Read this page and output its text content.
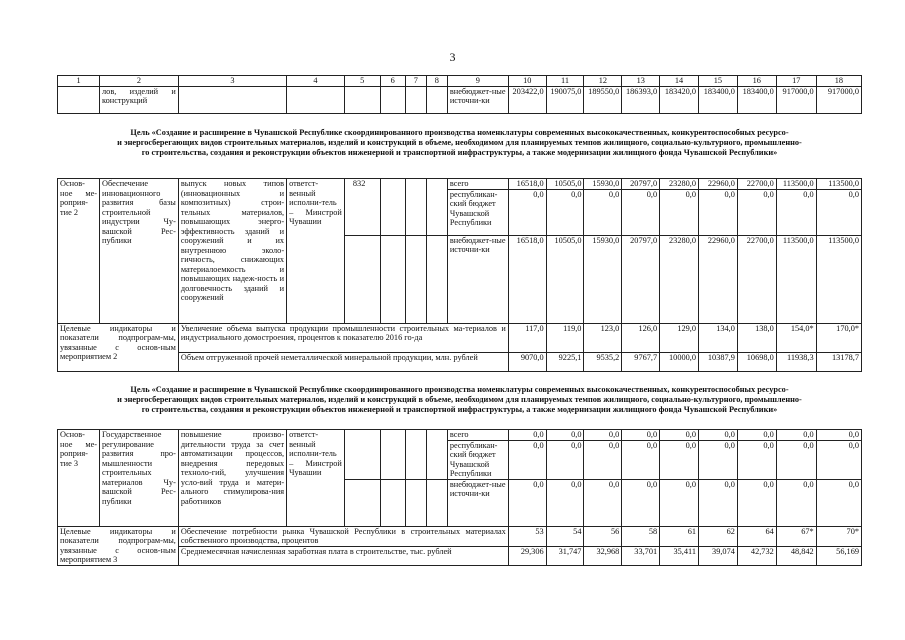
3
1	2	3	4	5	6	7	8	9	10	11	12	13	14	15	16	17	18
	лов, изделий и конструкций							внебюджет-ные источни-ки	203422,0	190075,0	189550,0	186393,0	183420,0	183400,0	183400,0	917000,0	917000,0
Цель «Создание и расширение в Чувашской Республике скоординированного производства номенклатуры современных высококачественных, конкурентоспособных ресурсо-
и энергосберегающих видов строительных материалов, изделий и конструкций в объеме, необходимом для планируемых темпов жилищного, социально-культурного, промышленно-
го строительства, создания и реконструкции объектов инженерной и транспортной инфраструктуры, а также модернизации жилищного фонда Чувашской Республики»
Основ-ное ме-роприя-тие 2	Обеспечение инновационного развития базы строительной индустрии Чу-вашской Рес-публики	выпуск новых типов (инновационных и композитных) строи-тельных материалов, повышающих энерго-эффективность зданий и сооружений и их внутреннюю эколо-гичность, снижающих материалоемкость и повышающих надеж-ность и долговечность зданий и сооружений	ответст-венный исполни-тель – Минстрой Чувашии	832				всего	16518,0	10505,0	15930,0	20797,0	23280,0	22960,0	22700,0	113500,0	113500,0
								республикан-ский бюджет Чувашской Республики	0,0	0,0	0,0	0,0	0,0	0,0	0,0	0,0	0,0
								внебюджет-ные источни-ки	16518,0	10505,0	15930,0	20797,0	23280,0	22960,0	22700,0	113500,0	113500,0
Целевые индикаторы и показатели подпрограм-мы, увязанные с основ-ным мероприятием 2		Увеличение объема выпуска продукции промышленности строительных ма-териалов и индустриального домостроения, процентов к показателю 2016 го-да							117,0	119,0	123,0	126,0	129,0	134,0	138,0	154,0*	170,0*
		Объем отгруженной прочей неметаллической минеральной продукции, млн. рублей							9070,0	9225,1	9535,2	9767,7	10000,0	10387,9	10698,0	11938,3	13178,7
Цель «Создание и расширение в Чувашской Республике скоординированного производства номенклатуры современных высококачественных, конкурентоспособных ресурсо-
и энергосберегающих видов строительных материалов, изделий и конструкций в объеме, необходимом для планируемых темпов жилищного, социально-культурного, промышленно-
го строительства, создания и реконструкции объектов инженерной и транспортной инфраструктуры, а также модернизации жилищного фонда Чувашской Республики»
Основ-ное ме-роприя-тие 3	Государственное регулирование развития про-мышленности строительных материалов Чу-вашской Рес-публики	повышение произво-дительности труда за счет автоматизации процессов, внедрения передовых техноло-гий, улучшения усло-вий труда и матери-ального стимулирова-ния работников	ответст-венный исполни-тель – Минстрой Чувашии					всего	0,0	0,0	0,0	0,0	0,0	0,0	0,0	0,0	0,0
								республикан-ский бюджет Чувашской Республики	0,0	0,0	0,0	0,0	0,0	0,0	0,0	0,0	0,0
								внебюджет-ные источни-ки	0,0	0,0	0,0	0,0	0,0	0,0	0,0	0,0	0,0
Целевые индикаторы и показатели подпрограм-мы, увязанные с основ-ным мероприятием 3		Обеспечение потребности рынка Чувашской Республики в строительных материалах собственного производства, процентов							53	54	56	58	61	62	64	67*	70*
		Среднемесячная начисленная заработная плата в строительстве, тыс. рублей							29,306	31,747	32,968	33,701	35,411	39,074	42,732	48,842	56,169
